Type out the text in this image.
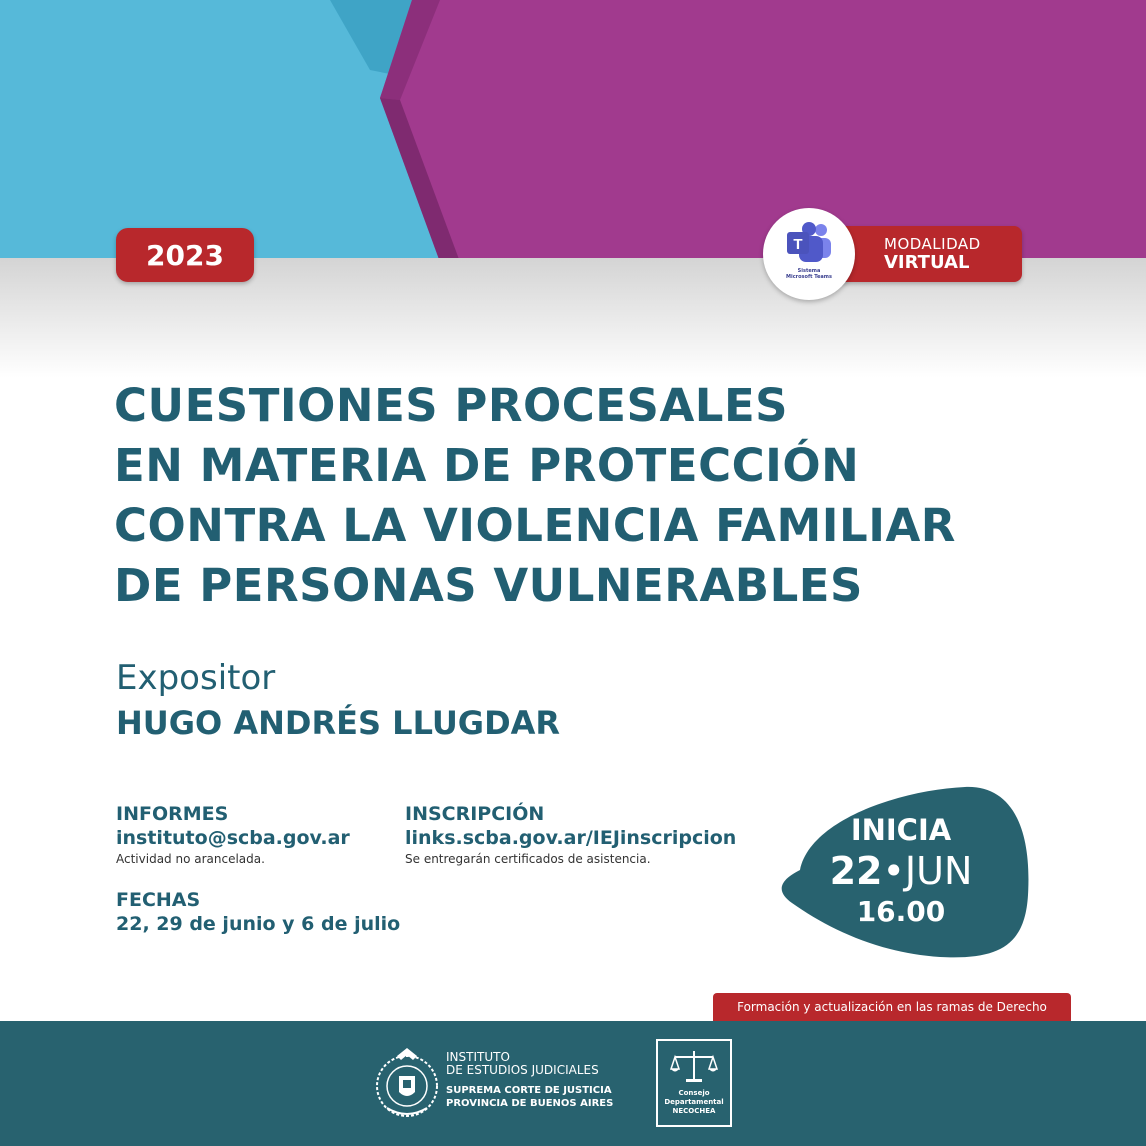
2023	MODALIDAD
VIRTUAL
T
Sistema
Microsoft Teams
CUESTIONES PROCESALES
EN MATERIA DE PROTECCIÓN
CONTRA LA VIOLENCIA FAMILIAR
DE PERSONAS VULNERABLES
Expositor
HUGO ANDRÉS LLUGDAR
INFORMES
instituto@scba.gov.ar
Actividad no arancelada.
INSCRIPCIÓN
links.scba.gov.ar/IEJinscripcion
Se entregarán certificados de asistencia.
FECHAS
22, 29 de junio y 6 de julio
INICIA
22•JUN
16.00
Formación y actualización en las ramas de Derecho
INSTITUTO
DE ESTUDIOS JUDICIALES
SUPREMA CORTE DE JUSTICIA
PROVINCIA DE BUENOS AIRES
Consejo
Departamental
NECOCHEA
